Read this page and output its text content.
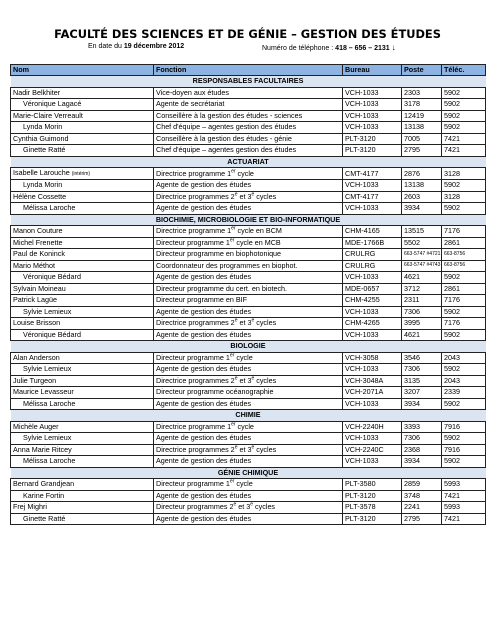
FACULTÉ DES SCIENCES ET DE GÉNIE – GESTION DES ÉTUDES
En date du 19 décembre 2012	Numéro de téléphone : 418 – 656 – 2131 ↓
Nom	Fonction	Bureau	Poste	Téléc.
RESPONSABLES FACULTAIRES				
Nadir Belkhiter	Vice-doyen aux études	VCH-1033	2303	5902
Véronique Lagacé	Agente de secrétariat	VCH-1033	3178	5902
Marie-Claire Verreault	Conseillère à la gestion des études - sciences	VCH-1033	12419	5902
Lynda Morin	Chef d'équipe – agentes gestion des études	VCH-1033	13138	5902
Cynthia Guimond	Conseillère à la gestion des études - génie	PLT-3120	7005	7421
Ginette Ratté	Chef d'équipe – agentes gestion des études	PLT-3120	2795	7421
ACTUARIAT				
Isabelle Larouche (intérim)	Directrice programme 1er cycle	CMT-4177	2876	3128
Lynda Morin	Agente de gestion des études	VCH-1033	13138	5902
Hélène Cossette	Directrice programmes 2e et 3e cycles	CMT-4177	2603	3128
Mélissa Laroche	Agente de gestion des études	VCH-1033	3934	5902
BIOCHIMIE, MICROBIOLOGIE ET BIO-INFORMATIQUE				
Manon Couture	Directrice programme 1er cycle en BCM	CHM-4165	13515	7176
Michel Frenette	Directeur programme 1er cycle en MCB	MDE-1766B	5502	2861
Paul de Koninck	Directeur programme en biophotonique	CRULRG	663-5747 #4721	663-8756
Mario Méthot	Coordonnateur des programmes en biophot.	CRULRG	663-5747 #4743	663-8756
Véronique Bédard	Agente de gestion des études	VCH-1033	4621	5902
Sylvain Moineau	Directeur programme du cert. en biotech.	MDE-0657	3712	2861
Patrick Lagüe	Directeur programme en BIF	CHM-4255	2311	7176
Sylvie Lemieux	Agente de gestion des études	VCH-1033	7306	5902
Louise Brisson	Directrice programmes 2e et 3e cycles	CHM-4265	3995	7176
Véronique Bédard	Agente de gestion des études	VCH-1033	4621	5902
BIOLOGIE				
Alan Anderson	Directeur programme 1er cycle	VCH-3058	3546	2043
Sylvie Lemieux	Agente de gestion des études	VCH-1033	7306	5902
Julie Turgeon	Directrice programmes 2e et 3e cycles	VCH-3048A	3135	2043
Maurice Levasseur	Directeur programme océanographie	VCH-2071A	3207	2339
Mélissa Laroche	Agente de gestion des études	VCH-1033	3934	5902
CHIMIE				
Michèle Auger	Directrice programme 1er cycle	VCH-2240H	3393	7916
Sylvie Lemieux	Agente de gestion des études	VCH-1033	7306	5902
Anna Marie Ritcey	Directrice programmes 2e et 3e cycles	VCH-2240C	2368	7916
Mélissa Laroche	Agente de gestion des études	VCH-1033	3934	5902
GÉNIE CHIMIQUE				
Bernard Grandjean	Directeur programme 1er cycle	PLT-3580	2859	5993
Karine Fortin	Agente de gestion des études	PLT-3120	3748	7421
Frej Mighri	Directeur programmes 2e et 3e cycles	PLT-3578	2241	5993
Ginette Ratté	Agente de gestion des études	PLT-3120	2795	7421
